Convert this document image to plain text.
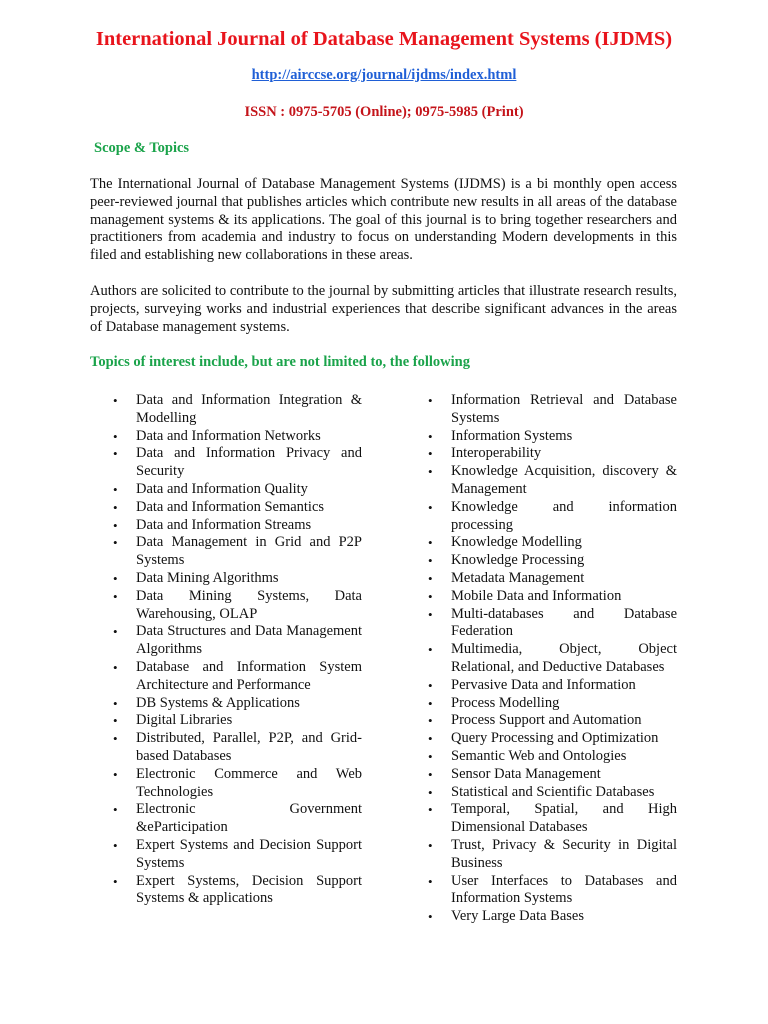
International Journal of Database Management Systems (IJDMS)
http://airccse.org/journal/ijdms/index.html
ISSN : 0975-5705 (Online); 0975-5985 (Print)
Scope & Topics

The International Journal of Database Management Systems (IJDMS) is a bi monthly open access peer-reviewed journal that publishes articles which contribute new results in all areas of the database management systems & its applications. The goal of this journal is to bring together researchers and practitioners from academia and industry to focus on understanding Modern developments in this filed and establishing new collaborations in these areas.

Authors are solicited to contribute to the journal by submitting articles that illustrate research results, projects, surveying works and industrial experiences that describe significant advances in the areas of Database management systems.

Topics of interest include, but are not limited to, the following
• Data and Information Integration & Modelling
• Data and Information Networks
• Data and Information Privacy and Security
• Data and Information Quality
• Data and Information Semantics
• Data and Information Streams
• Data Management in Grid and P2P Systems
• Data Mining Algorithms
• Data Mining Systems, Data Warehousing, OLAP
• Data Structures and Data Management Algorithms
• Database and Information System Architecture and Performance
• DB Systems & Applications
• Digital Libraries
• Distributed, Parallel, P2P, and Grid-based Databases
• Electronic Commerce and Web Technologies
• Electronic Government &eParticipation
• Expert Systems and Decision Support Systems
• Expert Systems, Decision Support Systems & applications
• Information Retrieval and Database Systems
• Information Systems
• Interoperability
• Knowledge Acquisition, discovery & Management
• Knowledge and information processing
• Knowledge Modelling
• Knowledge Processing
• Metadata Management
• Mobile Data and Information
• Multi-databases and Database Federation
• Multimedia, Object, Object Relational, and Deductive Databases
• Pervasive Data and Information
• Process Modelling
• Process Support and Automation
• Query Processing and Optimization
• Semantic Web and Ontologies
• Sensor Data Management
• Statistical and Scientific Databases
• Temporal, Spatial, and High Dimensional Databases
• Trust, Privacy & Security in Digital Business
• User Interfaces to Databases and Information Systems
• Very Large Data Bases
